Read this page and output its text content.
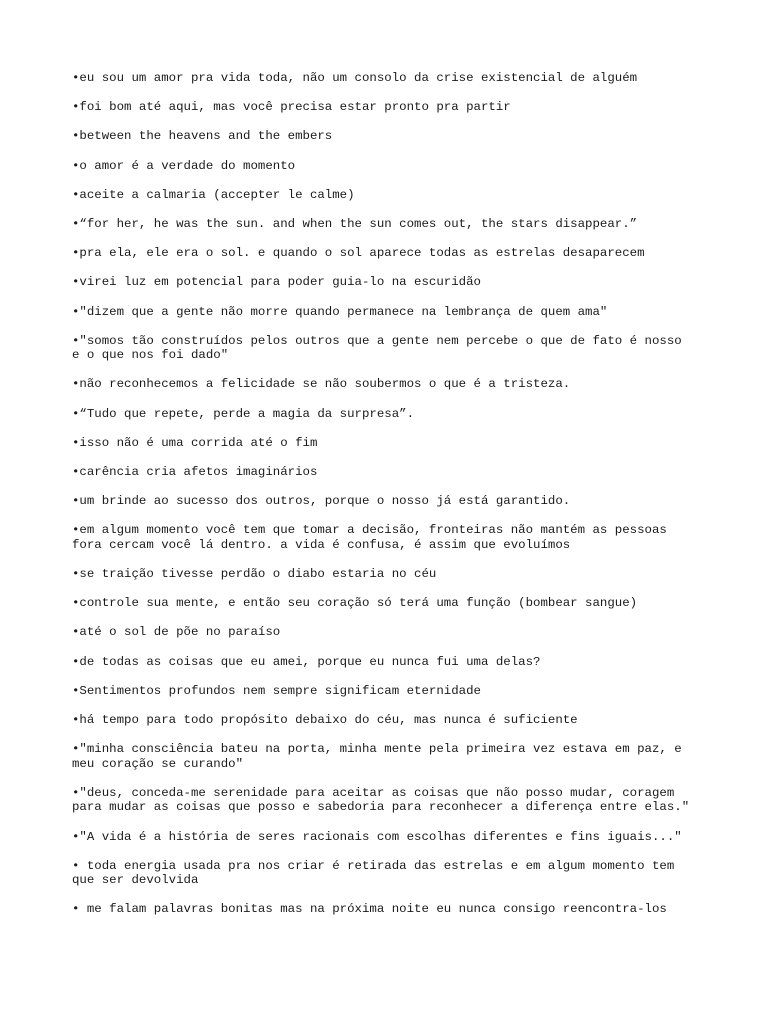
•eu sou um amor pra vida toda, não um consolo da crise existencial de alguém

•foi bom até aqui, mas você precisa estar pronto pra partir

•between the heavens and the embers

•o amor é a verdade do momento

•aceite a calmaria (accepter le calme)

•“for her, he was the sun. and when the sun comes out, the stars disappear.”

•pra ela, ele era o sol. e quando o sol aparece todas as estrelas desaparecem

•virei luz em potencial para poder guia-lo na escuridão

•"dizem que a gente não morre quando permanece na lembrança de quem ama"

•"somos tão construídos pelos outros que a gente nem percebe o que de fato é nosso
e o que nos foi dado"

•não reconhecemos a felicidade se não soubermos o que é a tristeza.

•“Tudo que repete, perde a magia da surpresa”.

•isso não é uma corrida até o fim

•carência cria afetos imaginários

•um brinde ao sucesso dos outros, porque o nosso já está garantido.

•em algum momento você tem que tomar a decisão, fronteiras não mantém as pessoas
fora cercam você lá dentro. a vida é confusa, é assim que evoluímos

•se traição tivesse perdão o diabo estaria no céu

•controle sua mente, e então seu coração só terá uma função (bombear sangue)

•até o sol de põe no paraíso

•de todas as coisas que eu amei, porque eu nunca fui uma delas?

•Sentimentos profundos nem sempre significam eternidade

•há tempo para todo propósito debaixo do céu, mas nunca é suficiente

•"minha consciência bateu na porta, minha mente pela primeira vez estava em paz, e
meu coração se curando"

•"deus, conceda-me serenidade para aceitar as coisas que não posso mudar, coragem
para mudar as coisas que posso e sabedoria para reconhecer a diferença entre elas."

•"A vida é a história de seres racionais com escolhas diferentes e fins iguais..."

• toda energia usada pra nos criar é retirada das estrelas e em algum momento tem
que ser devolvida

• me falam palavras bonitas mas na próxima noite eu nunca consigo reencontra-los
